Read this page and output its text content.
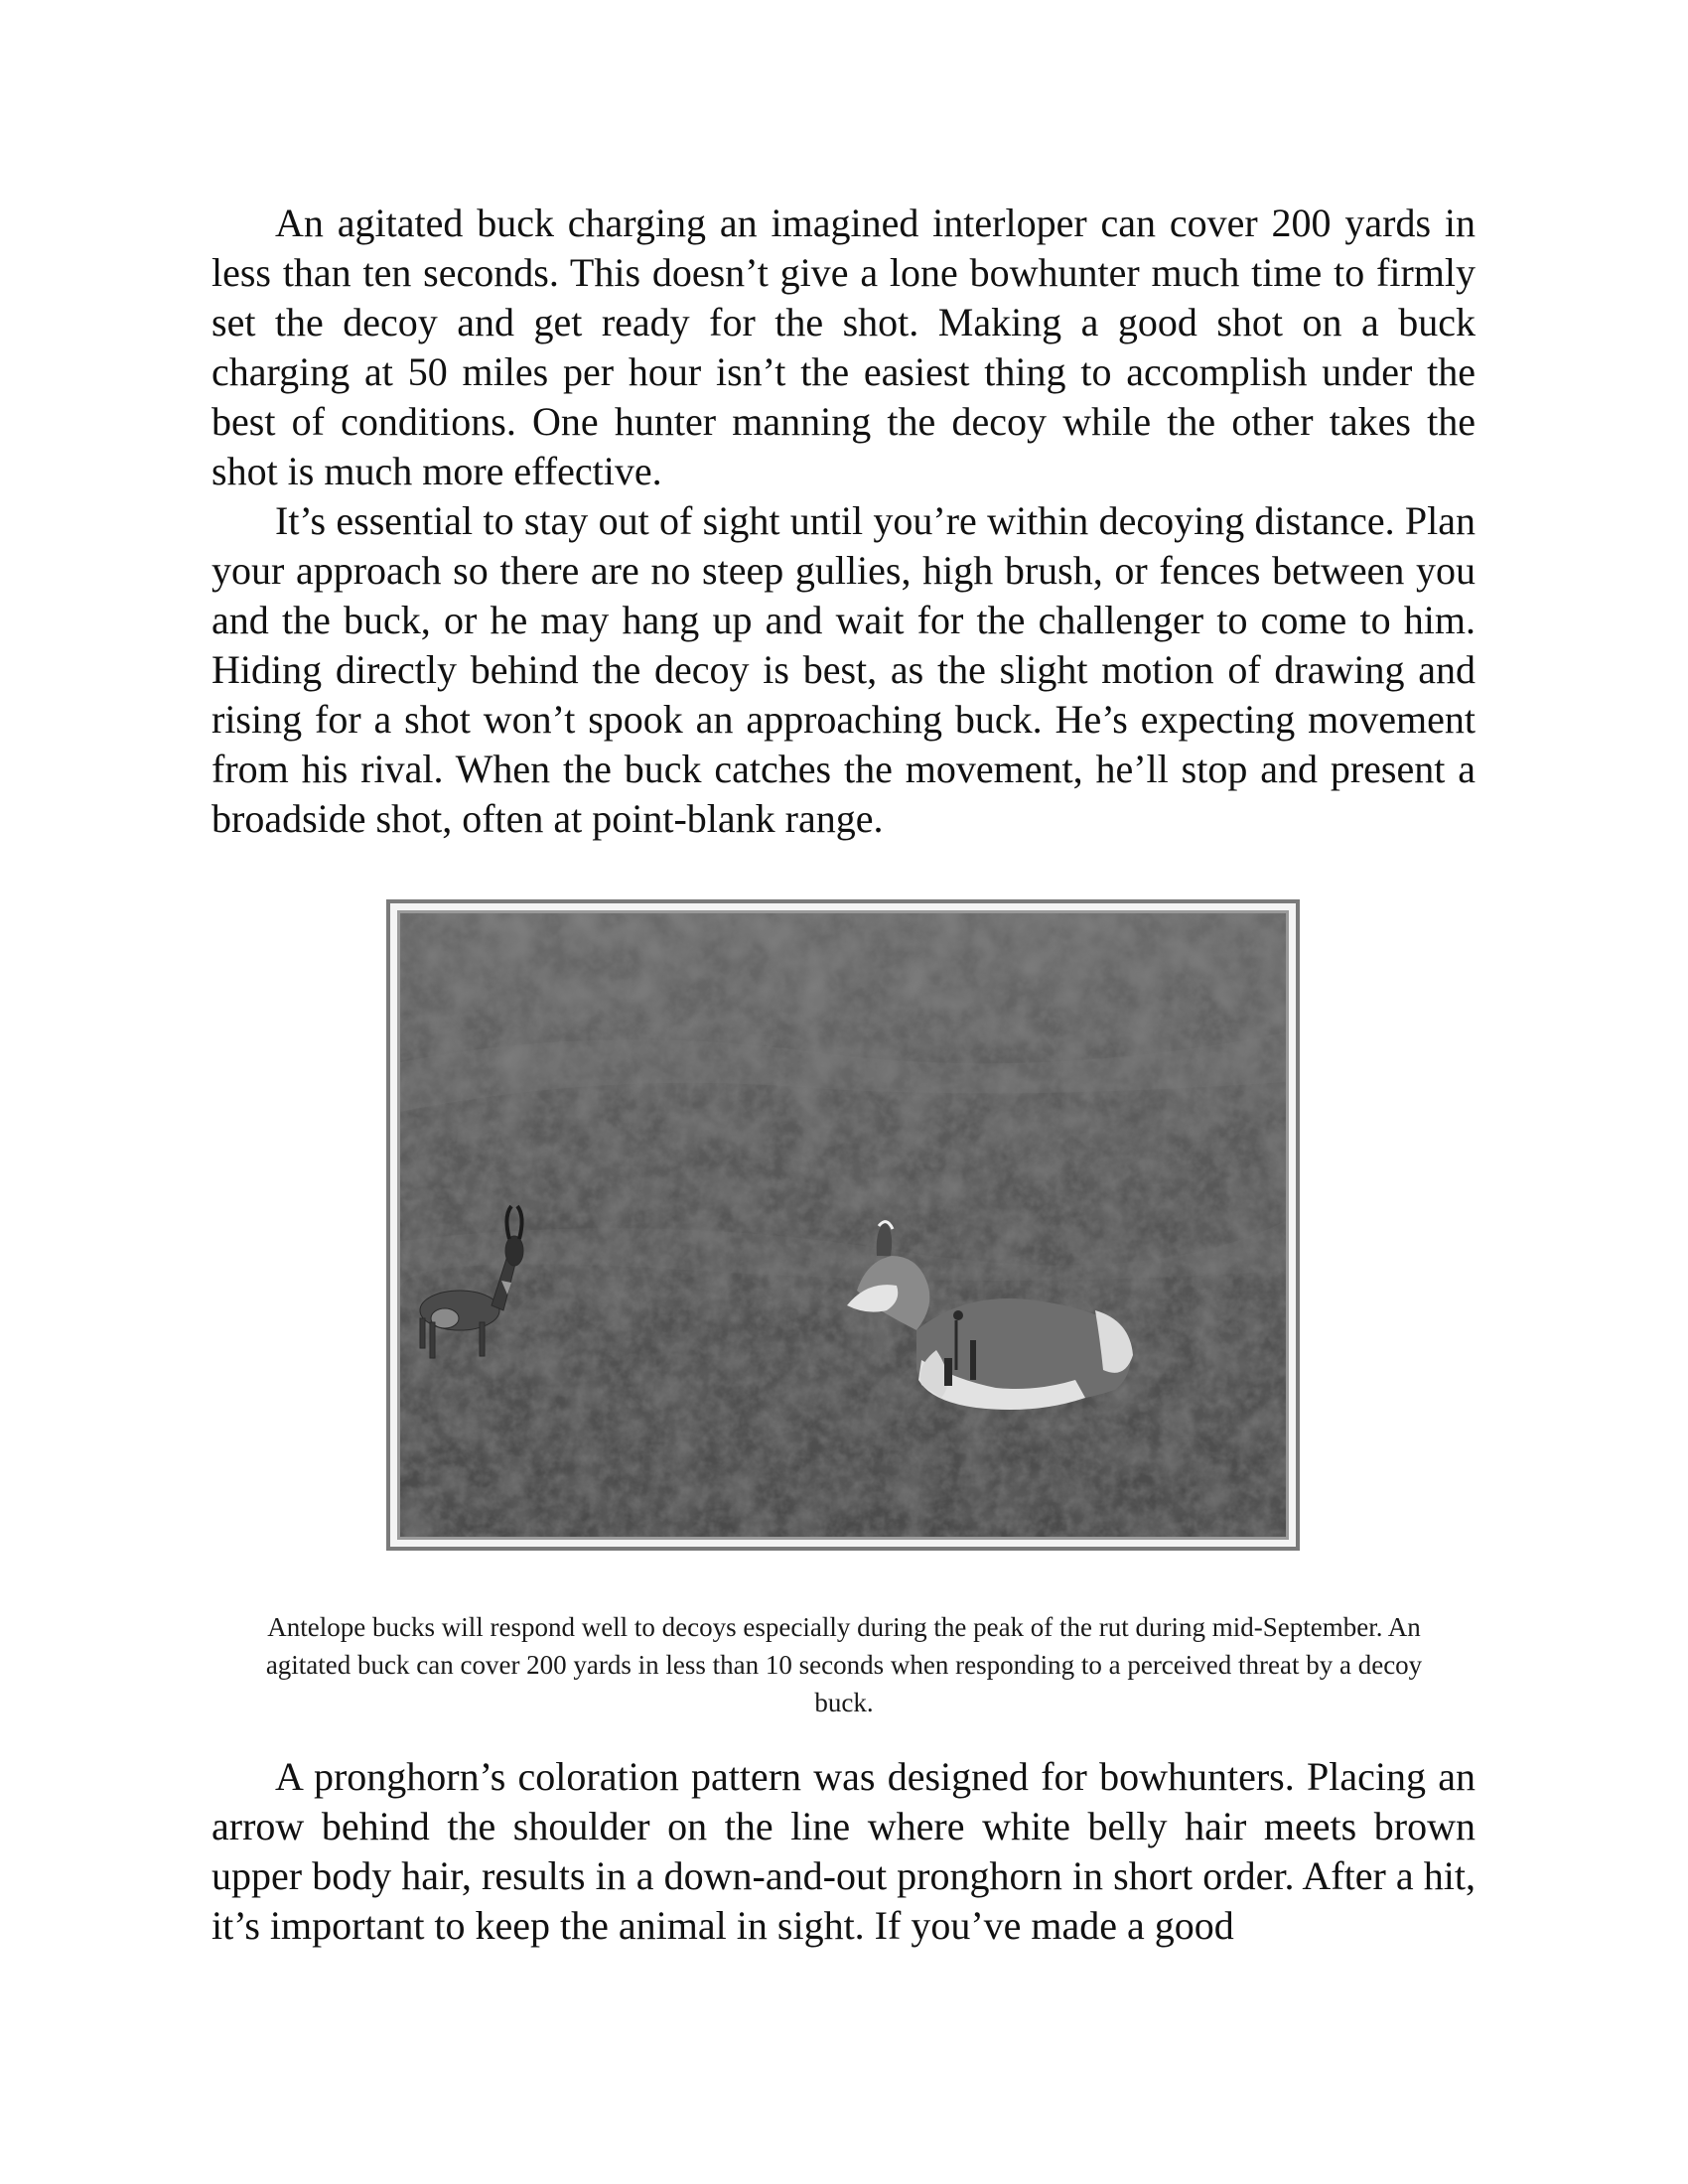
An agitated buck charging an imagined interloper can cover 200 yards in less than ten seconds. This doesn’t give a lone bowhunter much time to firmly set the decoy and get ready for the shot. Making a good shot on a buck charging at 50 miles per hour isn’t the easiest thing to accomplish under the best of conditions. One hunter manning the decoy while the other takes the shot is much more effective.

It’s essential to stay out of sight until you’re within decoying distance. Plan your approach so there are no steep gullies, high brush, or fences between you and the buck, or he may hang up and wait for the challenger to come to him. Hiding directly behind the decoy is best, as the slight motion of drawing and rising for a shot won’t spook an approaching buck. He’s expecting movement from his rival. When the buck catches the movement, he’ll stop and present a broadside shot, often at point-blank range.

Antelope bucks will respond well to decoys especially during the peak of the rut during mid-September. An agitated buck can cover 200 yards in less than 10 seconds when responding to a perceived threat by a decoy buck.

A pronghorn’s coloration pattern was designed for bowhunters. Placing an arrow behind the shoulder on the line where white belly hair meets brown upper body hair, results in a down-and-out pronghorn in short order. After a hit, it’s important to keep the animal in sight. If you’ve made a good
